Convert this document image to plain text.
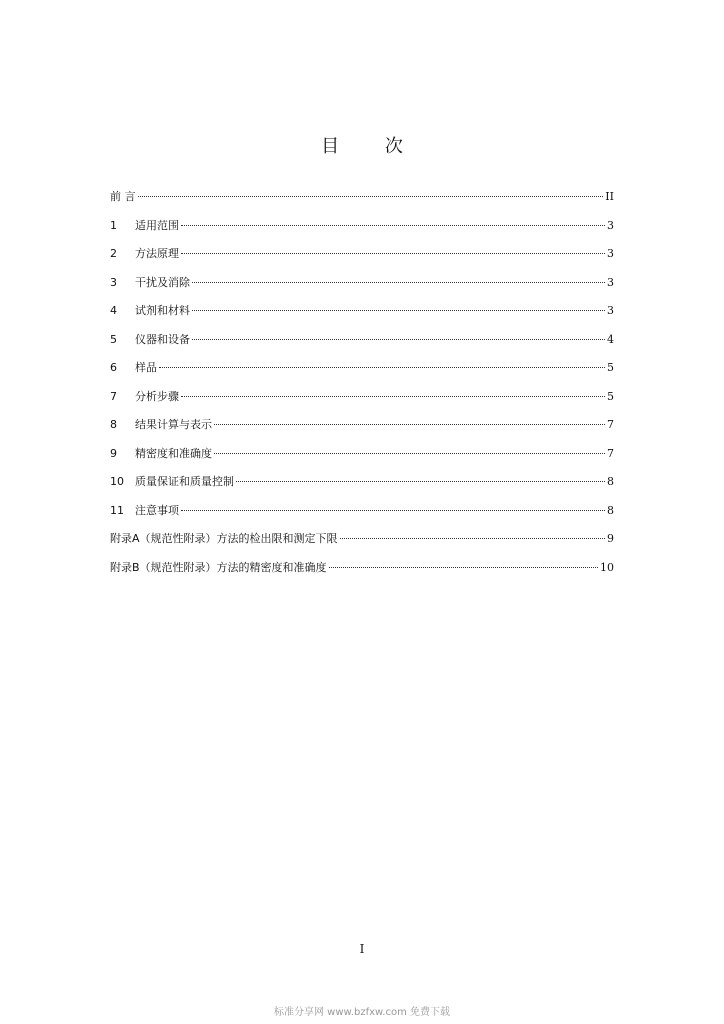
目 次
前 言	II
1	适用范围	3
2	方法原理	3
3	干扰及消除	3
4	试剂和材料	3
5	仪器和设备	4
6	样品	5
7	分析步骤	5
8	结果计算与表示	7
9	精密度和准确度	7
10	质量保证和质量控制	8
11	注意事项	8
附录A（规范性附录）方法的检出限和测定下限	9
附录B（规范性附录）方法的精密度和准确度	10
I
标准分享网 www.bzfxw.com 免费下载
